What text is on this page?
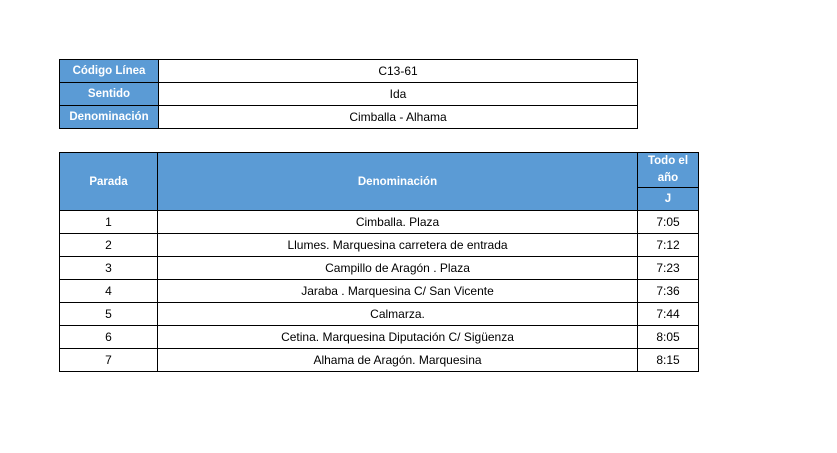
Código Línea	C13-61
Sentido	Ida
Denominación	Cimballa - Alhama
Parada	Denominación	Todo el año
		J
1	Cimballa. Plaza	7:05
2	Llumes. Marquesina carretera de entrada	7:12
3	Campillo de Aragón . Plaza	7:23
4	Jaraba . Marquesina C/ San Vicente	7:36
5	Calmarza.	7:44
6	Cetina. Marquesina Diputación C/ Sigüenza	8:05
7	Alhama de Aragón. Marquesina	8:15
